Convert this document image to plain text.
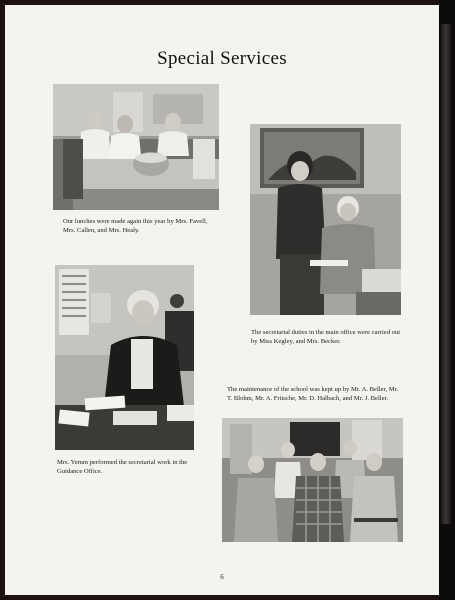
Special Services
Our lunches were made again this year by Mrs. Favell, Mrs. Callen, and Mrs. Healy.
The secretarial duties in the main office were carried out by Miss Kegley, and Mrs. Becker.
Mrs. Yemm performed the secretarial work in the Guidance Office.
The maintenance of the school was kept up by Mr. A. Beller, Mr. T. Blohm, Mr. A. Fritsche, Mr. D. Halbach, and Mr. J. Beller.
6
